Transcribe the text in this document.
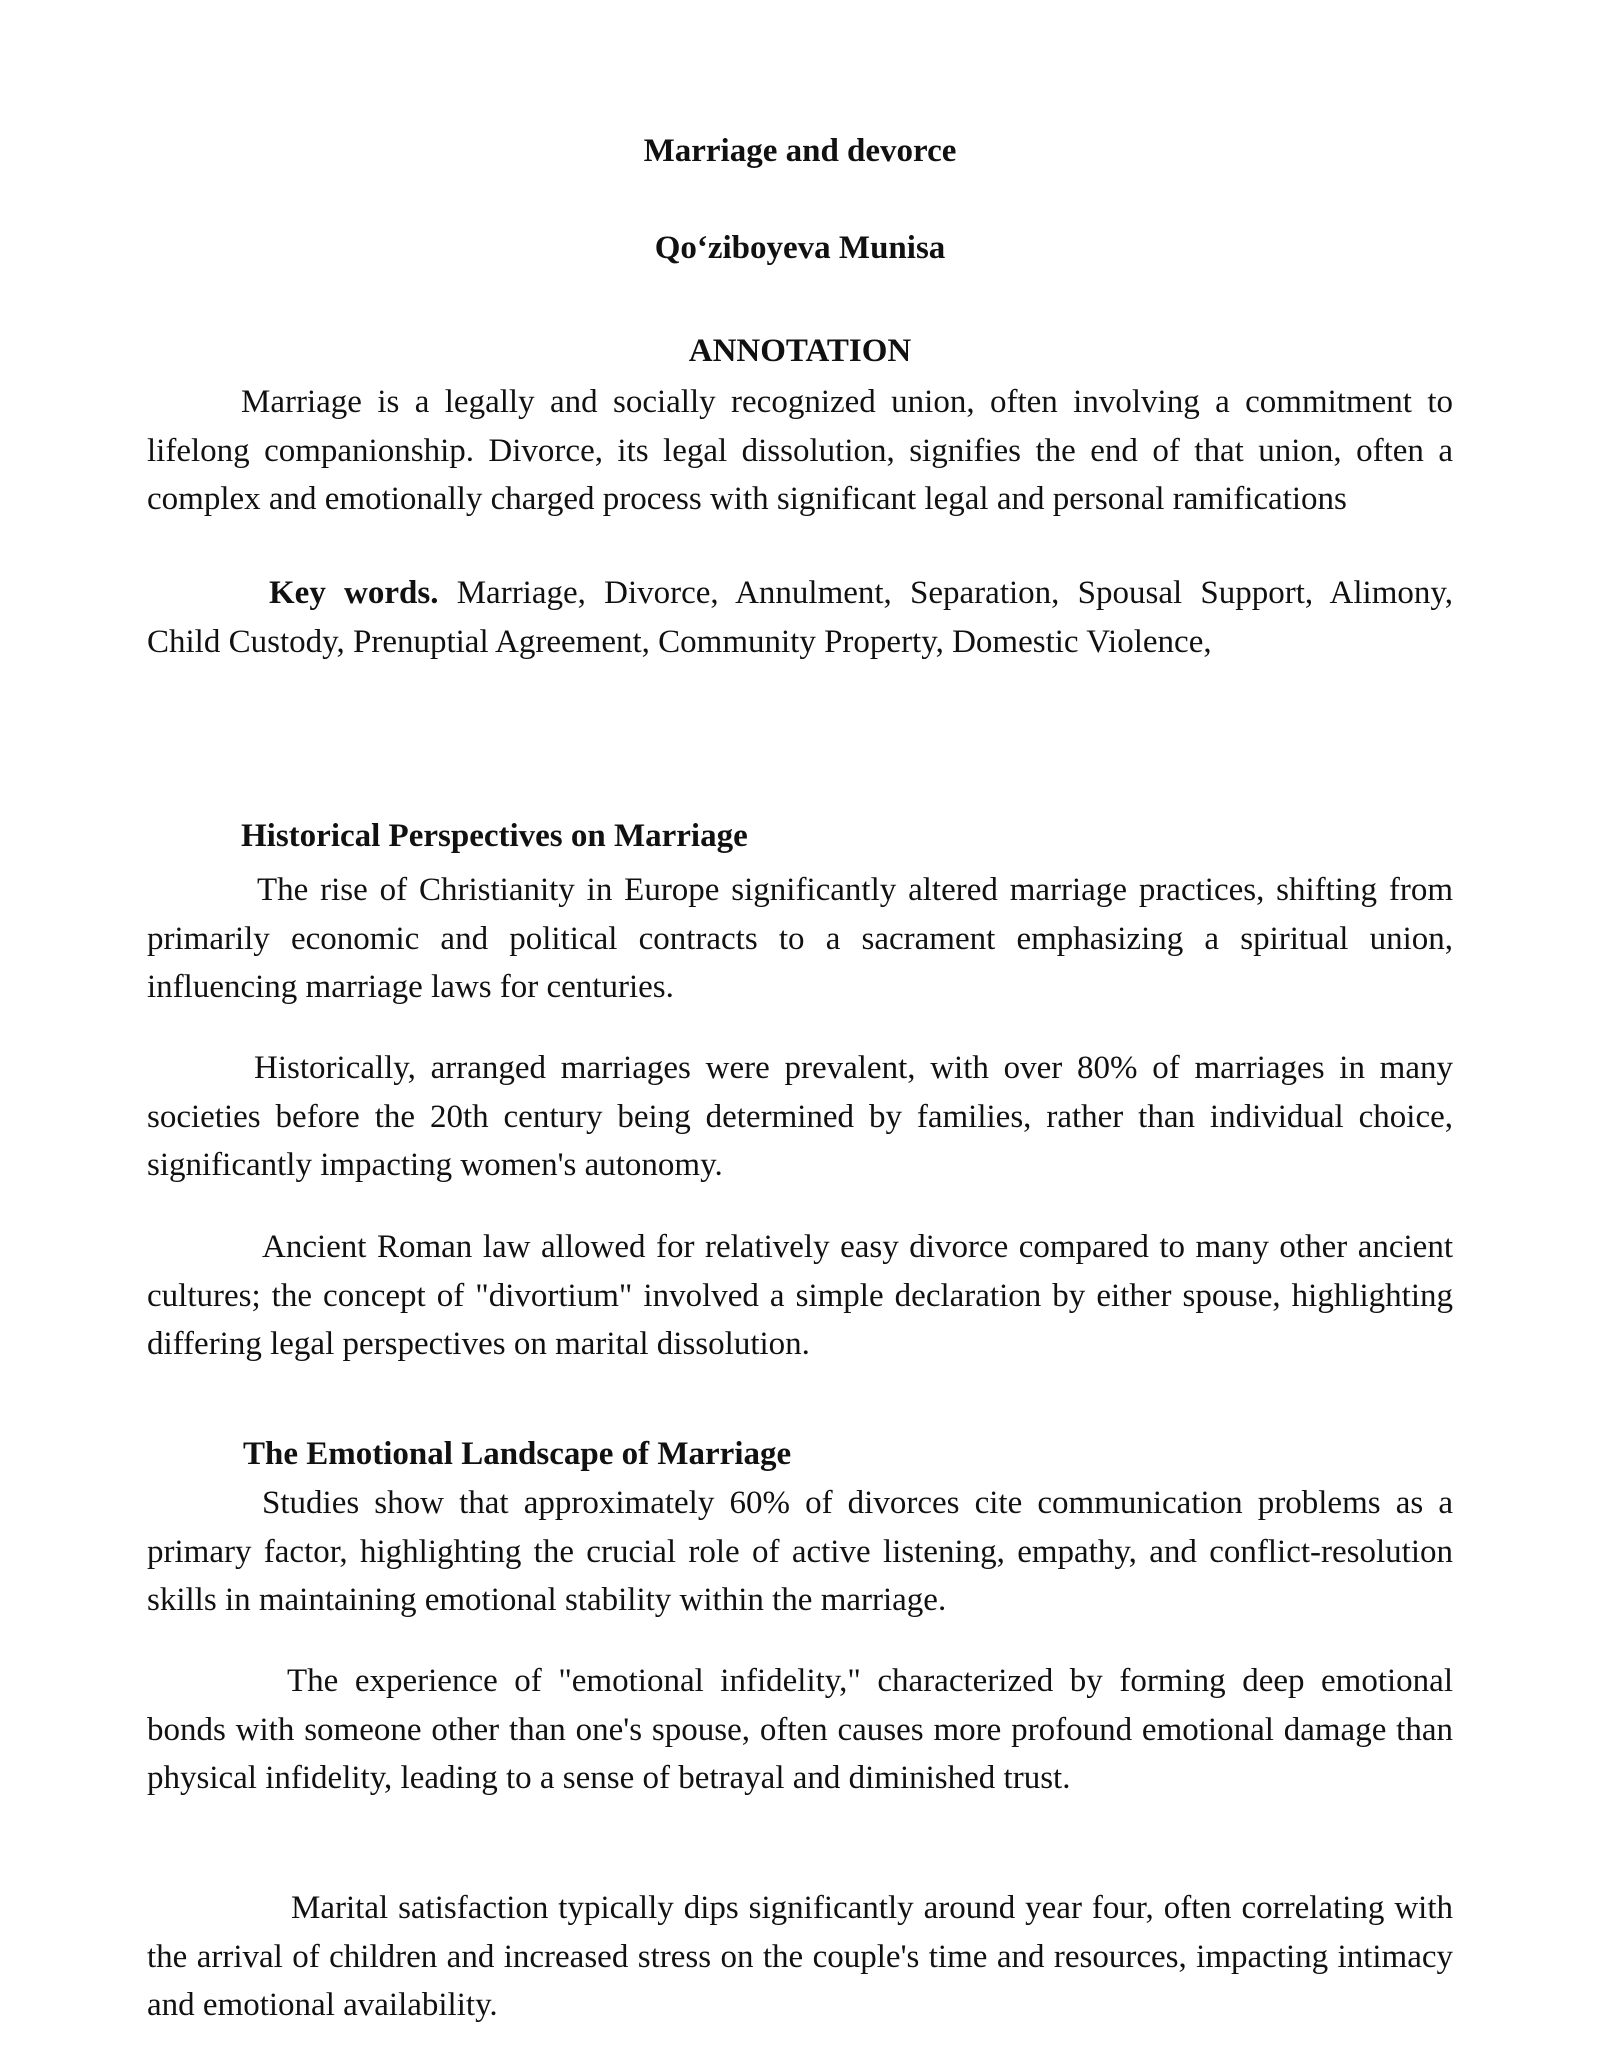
Marriage and devorce
Qo‘ziboyeva Munisa
ANNOTATION

Marriage is a legally and socially recognized union, often involving a commitment to lifelong companionship. Divorce, its legal dissolution, signifies the end of that union, often a complex and emotionally charged process with significant legal and personal ramifications

Key words. Marriage, Divorce, Annulment, Separation, Spousal Support, Alimony, Child Custody, Prenuptial Agreement, Community Property, Domestic Violence,

Historical Perspectives on Marriage

The rise of Christianity in Europe significantly altered marriage practices, shifting from primarily economic and political contracts to a sacrament emphasizing a spiritual union, influencing marriage laws for centuries.

Historically, arranged marriages were prevalent, with over 80% of marriages in many societies before the 20th century being determined by families, rather than individual choice, significantly impacting women's autonomy.

Ancient Roman law allowed for relatively easy divorce compared to many other ancient cultures; the concept of "divortium" involved a simple declaration by either spouse, highlighting differing legal perspectives on marital dissolution.

The Emotional Landscape of Marriage

Studies show that approximately 60% of divorces cite communication problems as a primary factor, highlighting the crucial role of active listening, empathy, and conflict-resolution skills in maintaining emotional stability within the marriage.

The experience of "emotional infidelity," characterized by forming deep emotional bonds with someone other than one's spouse, often causes more profound emotional damage than physical infidelity, leading to a sense of betrayal and diminished trust.

Marital satisfaction typically dips significantly around year four, often correlating with the arrival of children and increased stress on the couple's time and resources, impacting intimacy and emotional availability.
